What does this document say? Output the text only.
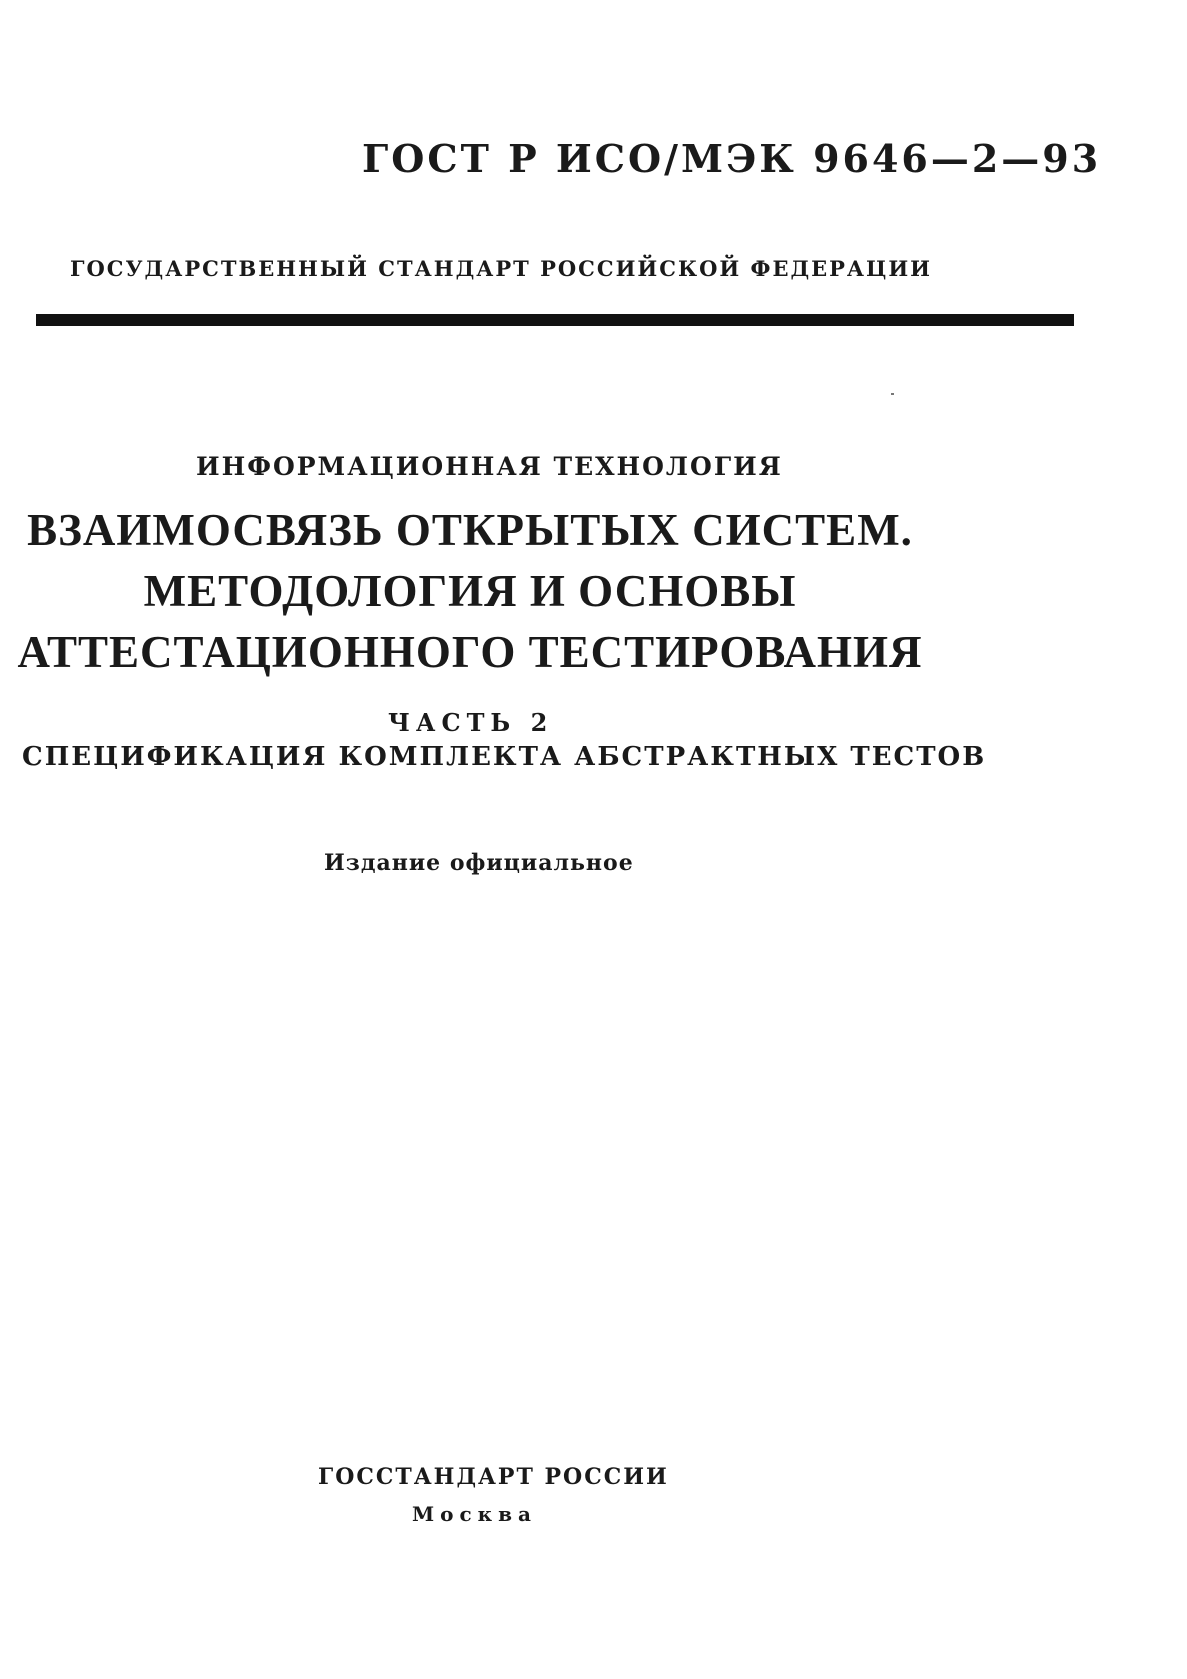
ГОСТ Р ИСО/МЭК 9646—2—93
ГОСУДАРСТВЕННЫЙ СТАНДАРТ РОССИЙСКОЙ ФЕДЕРАЦИИ
ИНФОРМАЦИОННАЯ ТЕХНОЛОГИЯ
ВЗАИМОСВЯЗЬ ОТКРЫТЫХ СИСТЕМ.
МЕТОДОЛОГИЯ И ОСНОВЫ
АТТЕСТАЦИОННОГО ТЕСТИРОВАНИЯ
ЧАСТЬ 2
СПЕЦИФИКАЦИЯ КОМПЛЕКТА АБСТРАКТНЫХ ТЕСТОВ
Издание официальное
ГОССТАНДАРТ РОССИИ
Москва
